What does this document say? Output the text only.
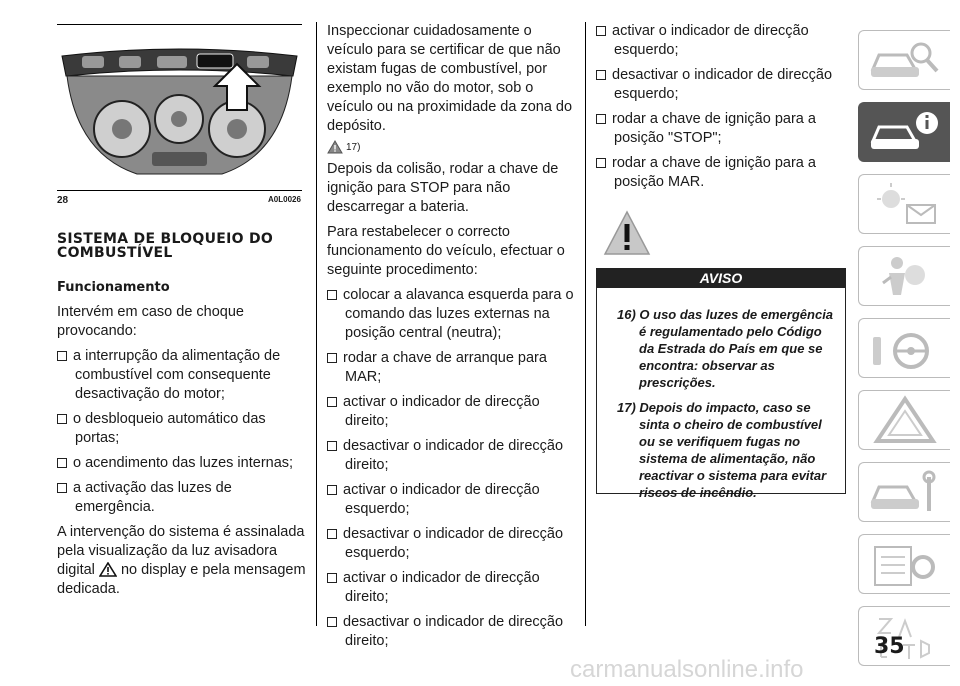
28	A0L0026
SISTEMA DE BLOQUEIO DO COMBUSTÍVEL
Funcionamento

Intervém em caso de choque provocando:

a interrupção da alimentação de combustível com consequente desactivação do motor;
o desbloqueio automático das portas;
o acendimento das luzes internas;
a activação das luzes de emergência.

A intervenção do sistema é assinalada pela visualização da luz avisadora digital no display e pela mensagem dedicada.

Inspeccionar cuidadosamente o veículo para se certificar de que não existam fugas de combustível, por exemplo no vão do motor, sob o veículo ou na proximidade da zona do depósito.

17)

Depois da colisão, rodar a chave de ignição para STOP para não descarregar a bateria.

Para restabelecer o correcto funcionamento do veículo, efectuar o seguinte procedimento:

colocar a alavanca esquerda para o comando das luzes externas na posição central (neutra);
rodar a chave de arranque para MAR;
activar o indicador de direcção direito;
desactivar o indicador de direcção direito;
activar o indicador de direcção esquerdo;
desactivar o indicador de direcção esquerdo;
activar o indicador de direcção direito;
desactivar o indicador de direcção direito;
activar o indicador de direcção esquerdo;
desactivar o indicador de direcção esquerdo;
rodar a chave de ignição para a posição "STOP";
rodar a chave de ignição para a posição MAR.
AVISO
16) O uso das luzes de emergência é regulamentado pelo Código da Estrada do País em que se encontra: observar as prescrições.
17) Depois do impacto, caso se sinta o cheiro de combustível ou se verifiquem fugas no sistema de alimentação, não reactivar o sistema para evitar riscos de incêndio.
35
carmanualsonline.info
